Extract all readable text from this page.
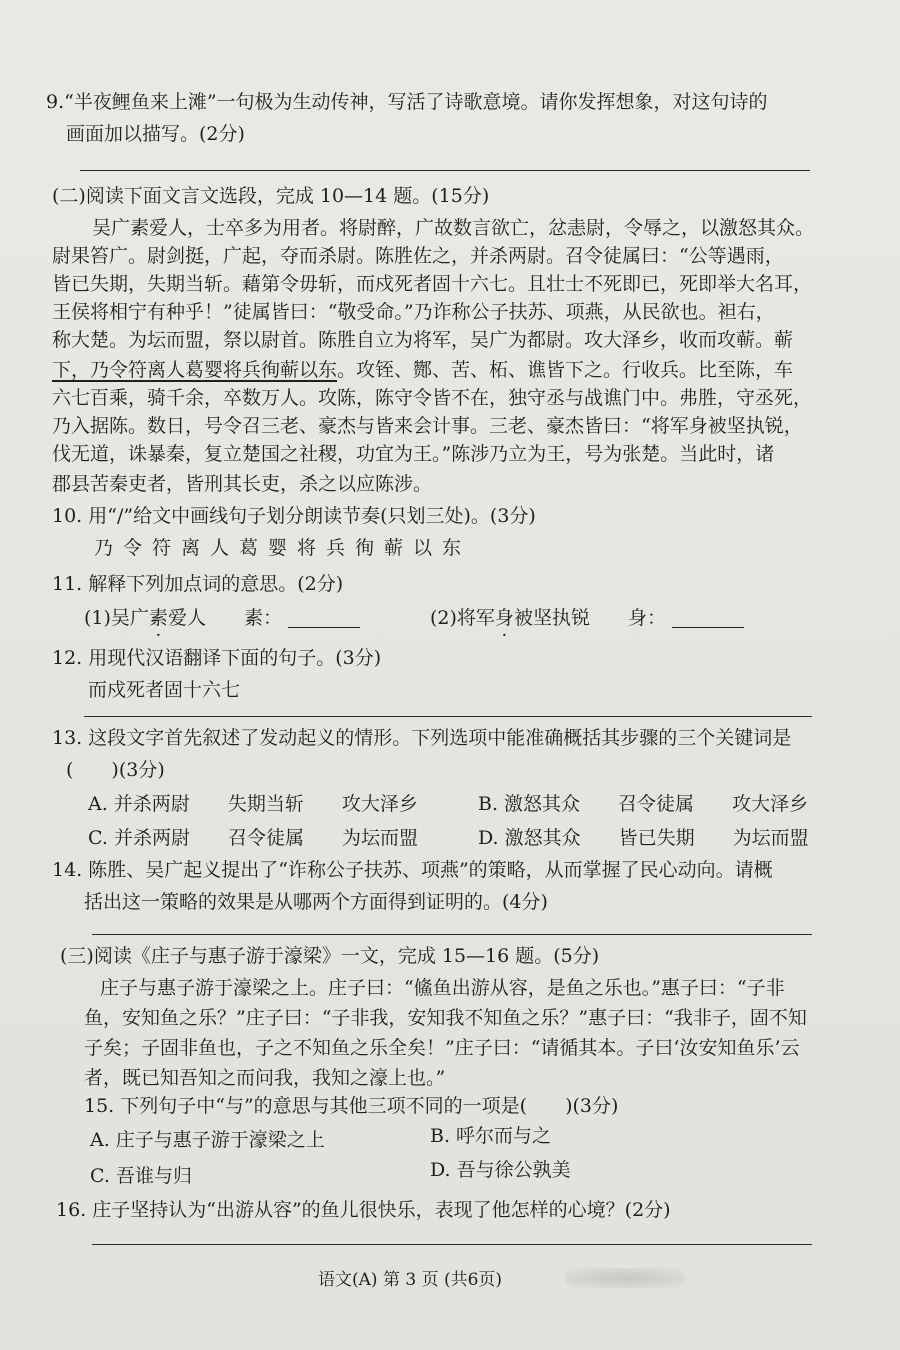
9.“半夜鲤鱼来上滩”一句极为生动传神，写活了诗歌意境。请你发挥想象，对这句诗的
画面加以描写。(2分)
(二)阅读下面文言文选段，完成 10—14 题。(15分)
吴广素爱人，士卒多为用者。将尉醉，广故数言欲亡，忿恚尉，令辱之，以激怒其众。
尉果笞广。尉剑挺，广起，夺而杀尉。陈胜佐之，并杀两尉。召令徒属曰：“公等遇雨，
皆已失期，失期当斩。藉第令毋斩，而戍死者固十六七。且壮士不死即已，死即举大名耳，
王侯将相宁有种乎！”徒属皆曰：“敬受命。”乃诈称公子扶苏、项燕，从民欲也。袒右，
称大楚。为坛而盟，祭以尉首。陈胜自立为将军，吴广为都尉。攻大泽乡，收而攻蕲。蕲
下，乃令符离人葛婴将兵徇蕲以东。攻铚、酂、苦、柘、谯皆下之。行收兵。比至陈，车
六七百乘，骑千余，卒数万人。攻陈，陈守令皆不在，独守丞与战谯门中。弗胜，守丞死，
乃入据陈。数日，号令召三老、豪杰与皆来会计事。三老、豪杰皆曰：“将军身被坚执锐，
伐无道，诛暴秦，复立楚国之社稷，功宜为王。”陈涉乃立为王，号为张楚。当此时，诸
郡县苦秦吏者，皆刑其长吏，杀之以应陈涉。
10. 用“/”给文中画线句子划分朗读节奏(只划三处)。(3分)
乃令符离人葛婴将兵徇蕲以东
11. 解释下列加点词的意思。(2分)
(1)吴广素爱人 素：	(2)将军身被坚执锐 身：
12. 用现代汉语翻译下面的句子。(3分)
而戍死者固十六七
13. 这段文字首先叙述了发动起义的情形。下列选项中能准确概括其步骤的三个关键词是
(　　)(3分)
A. 并杀两尉 失期当斩 攻大泽乡	B. 激怒其众 召令徒属 攻大泽乡
C. 并杀两尉 召令徒属 为坛而盟	D. 激怒其众 皆已失期 为坛而盟
14. 陈胜、吴广起义提出了“诈称公子扶苏、项燕”的策略，从而掌握了民心动向。请概
括出这一策略的效果是从哪两个方面得到证明的。(4分)
(三)阅读《庄子与惠子游于濠梁》一文，完成 15—16 题。(5分)
庄子与惠子游于濠梁之上。庄子曰：“鯈鱼出游从容，是鱼之乐也。”惠子曰：“子非
鱼，安知鱼之乐？”庄子曰：“子非我，安知我不知鱼之乐？”惠子曰：“我非子，固不知
子矣；子固非鱼也，子之不知鱼之乐全矣！”庄子曰：“请循其本。子曰‘汝安知鱼乐’云
者，既已知吾知之而问我，我知之濠上也。”
15. 下列句子中“与”的意思与其他三项不同的一项是(　　)(3分)
A. 庄子与惠子游于濠梁之上	B. 呼尔而与之
C. 吾谁与归	D. 吾与徐公孰美
16. 庄子坚持认为“出游从容”的鱼儿很快乐，表现了他怎样的心境？(2分)
语文(A) 第 3 页 (共6页)
